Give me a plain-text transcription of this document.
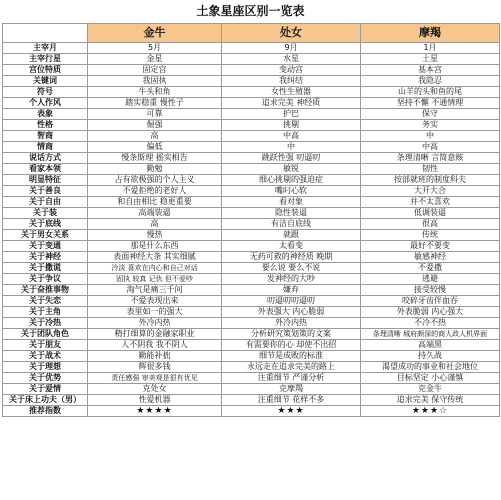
土象星座区别一览表
	金牛	处女	摩羯
主宰月	5月	9月	1月
主宰行星	金星	水星	土星
宫位特质	固定宫	变动宫	基本宫
关键词	我固执	我纠结	我隐忍
符号	牛头和角	女性生殖器	山羊的头和鱼的尾
个人作风	踏实稳重 慢性子	追求完美 神经质	坚持不懈 不通情理
表象	可靠	护巴	保守
性格	倔强	挑剔	务实
智商	高	中高	中
情商	偏低	中	中高
说话方式	慢条斯理 摇实相告	跳跃性强 叨逼叨	条理清晰 言简意赅
看家本领	勤勉	敏锐	韧性
明显特征	占有欲极强的个人主义	细心挑剔的强迫症	按部就班的制度科夫
关于善良	不爱拒绝的老好人	嘴叼心软	大开大合
关于自由	和自由相比 稳更重要	看对象	并不太喜欢
关于装	高端装逼	隐性装逼	低调装逼
关于底线	高	有洁自底线	很高
关于男女关系	慢热	就跟	传统
关于变通	那是什么东西	太看变	最好不要变
关于神经	表面神经大条 其实细腻	无药可救的神经质 晚期	敏感神经
关于撒谎	冷淡 喜欢在内心和自己对话	要么说 要么不说	不爱撒
关于争议	固执 较真 记仇 但不爱吵	发神经的大吵	逃避
关于奋推事物	淘气是痛三千问	嫌弃	接受较慢
关于失恋	不爱表现出来	叨逼叨叨逼叨	咬碎牙齿伴血吞
关于主角	表里如一的强大	外表强大 内心脆弱	外表脆弱 内心强大
关于冷热	外冷内热	外冷内热	不冷不热
关于团队角色	精打细算的金融家职业	分析研究策划策的文案	条理清晰 城府颇深的商人政人机界面
关于朋友	人不阴我 我不阴人	有需要你的心 却使不出招	高端黑
关于战术	勤能补拙	细节是成败的标准	持久战
关于理想	辉很多钱	永远走在追求完美的路上	渴望成功的事业和社会地位
关于优势	责任感强 审美观是很有优见	注重细节 严谨分析	目标坚定 小心谨慎
关于爱情	克处女	克摩羯	克金牛
关于床上功夫（男）	性爱机器	注重细节 花样不多	追求完美 保守传统
推荐指数	★★★★	★★★	★★★☆
